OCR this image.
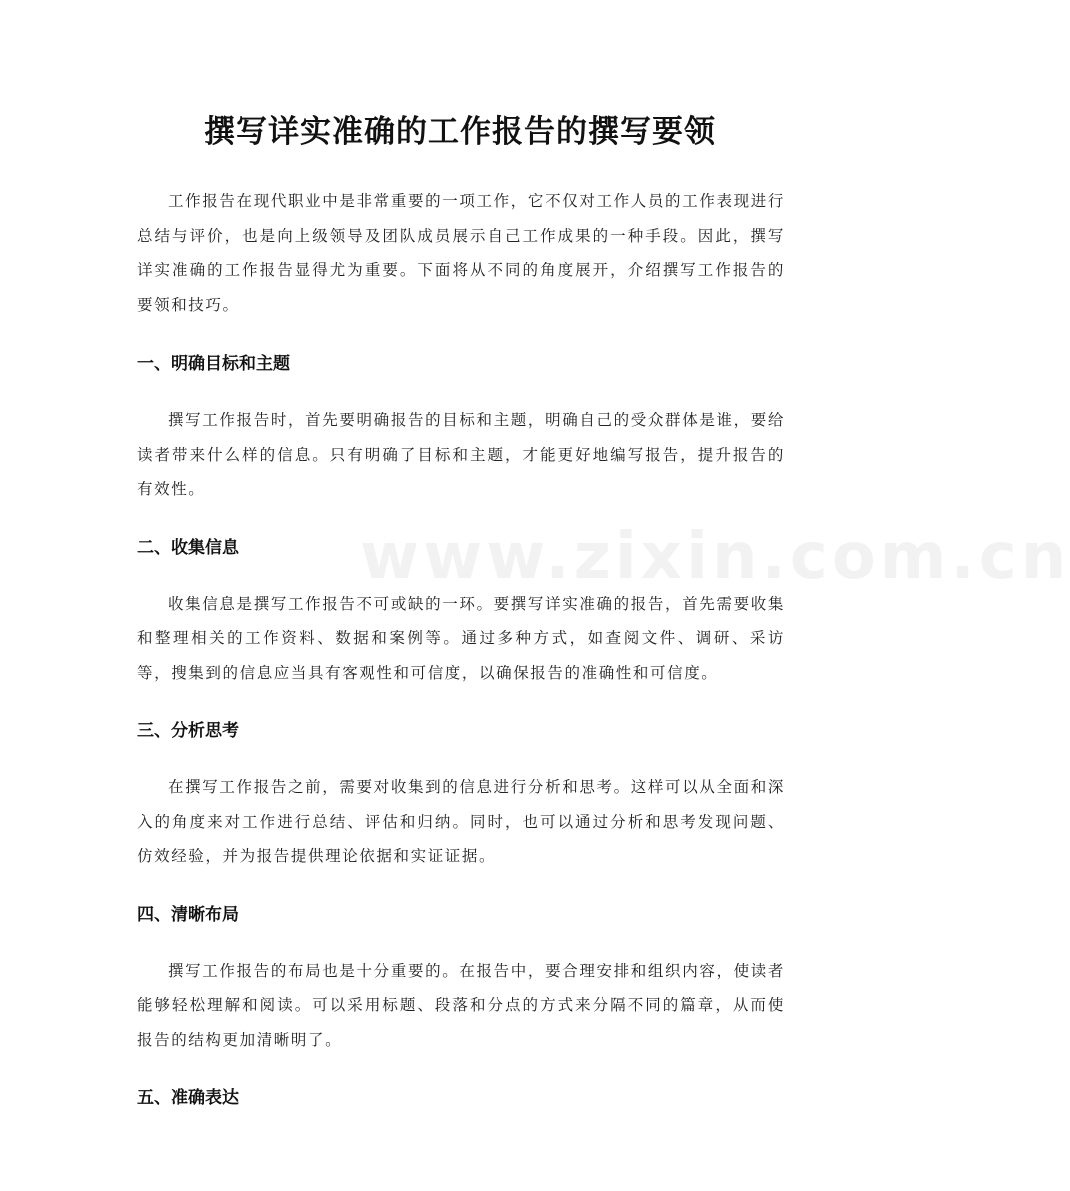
www.zixin.com.cn
撰写详实准确的工作报告的撰写要领

工作报告在现代职业中是非常重要的一项工作，它不仅对工作人员的工作表现进行总结与评价，也是向上级领导及团队成员展示自己工作成果的一种手段。因此，撰写详实准确的工作报告显得尤为重要。下面将从不同的角度展开，介绍撰写工作报告的要领和技巧。

一、明确目标和主题

撰写工作报告时，首先要明确报告的目标和主题，明确自己的受众群体是谁，要给读者带来什么样的信息。只有明确了目标和主题，才能更好地编写报告，提升报告的有效性。

二、收集信息

收集信息是撰写工作报告不可或缺的一环。要撰写详实准确的报告，首先需要收集和整理相关的工作资料、数据和案例等。通过多种方式，如查阅文件、调研、采访等，搜集到的信息应当具有客观性和可信度，以确保报告的准确性和可信度。

三、分析思考

在撰写工作报告之前，需要对收集到的信息进行分析和思考。这样可以从全面和深入的角度来对工作进行总结、评估和归纳。同时，也可以通过分析和思考发现问题、仿效经验，并为报告提供理论依据和实证证据。

四、清晰布局

撰写工作报告的布局也是十分重要的。在报告中，要合理安排和组织内容，使读者能够轻松理解和阅读。可以采用标题、段落和分点的方式来分隔不同的篇章，从而使报告的结构更加清晰明了。

五、准确表达
